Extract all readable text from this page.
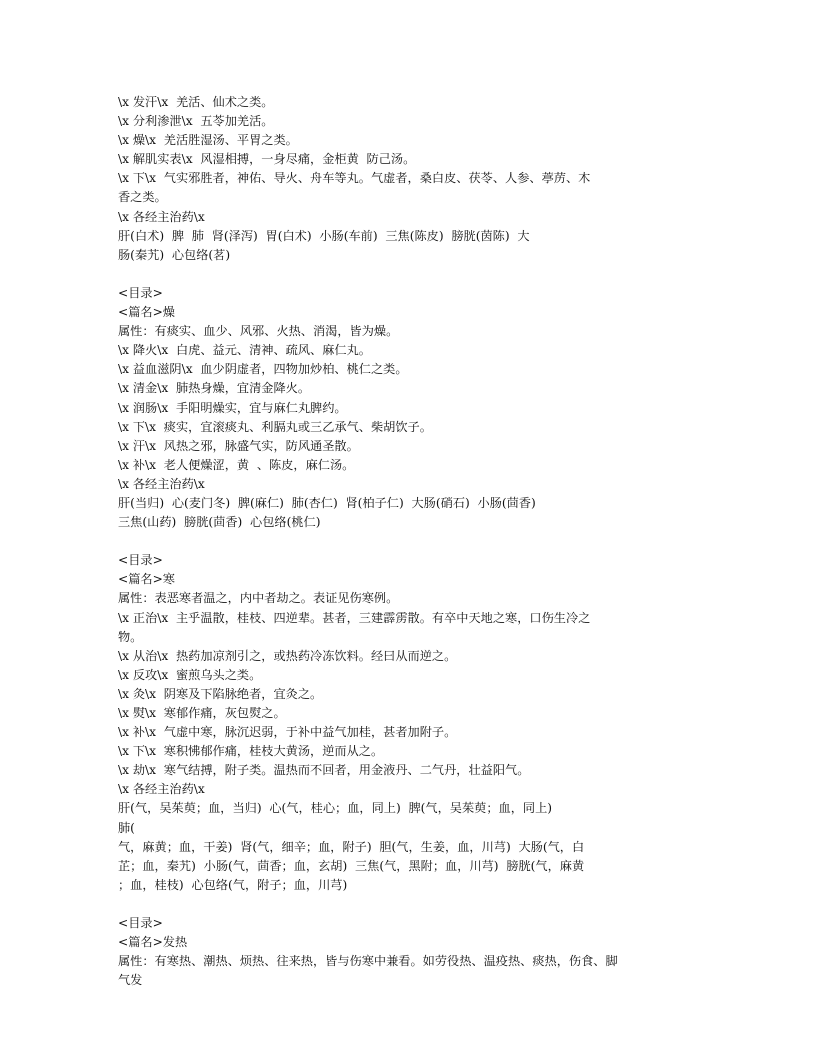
\x 发汗\x  羌活、仙术之类。
\x 分利渗泄\x  五苓加羌活。
\x 燥\x  羌活胜湿汤、平胃之类。
\x 解肌实表\x  风湿相搏，一身尽痛，金柜黄  防己汤。
\x 下\x  气实邪胜者，神佑、导火、舟车等丸。气虚者，桑白皮、茯苓、人参、葶苈、木
香之类。
\x 各经主治药\x
肝(白术)  脾  肺  肾(泽泻)  胃(白术)  小肠(车前)  三焦(陈皮)  膀胱(茵陈)  大
肠(秦艽)  心包络(茗)
<目录>
<篇名>燥
属性：有痰实、血少、风邪、火热、消渴，皆为燥。
\x 降火\x  白虎、益元、清神、疏风、麻仁丸。
\x 益血滋阴\x  血少阴虚者，四物加炒柏、桃仁之类。
\x 清金\x  肺热身燥，宜清金降火。
\x 润肠\x  手阳明燥实，宜与麻仁丸脾约。
\x 下\x  痰实，宜滚痰丸、利膈丸或三乙承气、柴胡饮子。
\x 汗\x  风热之邪，脉盛气实，防风通圣散。
\x 补\x  老人便燥涩，黄  、陈皮，麻仁汤。
\x 各经主治药\x
肝(当归)  心(麦门冬)  脾(麻仁)  肺(杏仁)  肾(柏子仁)  大肠(硝石)  小肠(茴香)
三焦(山药)  膀胱(茴香)  心包络(桃仁)
<目录>
<篇名>寒
属性：表恶寒者温之，内中者劫之。表证见伤寒例。
\x 正治\x  主乎温散，桂枝、四逆辈。甚者，三建霹雳散。有卒中天地之寒，口伤生冷之
物。
\x 从治\x  热药加凉剂引之，或热药冷冻饮料。经曰从而逆之。
\x 反攻\x  蜜煎乌头之类。
\x 灸\x  阴寒及下陷脉绝者，宜灸之。
\x 熨\x  寒郁作痛，灰包熨之。
\x 补\x  气虚中寒，脉沉迟弱，于补中益气加桂，甚者加附子。
\x 下\x  寒积怫郁作痛，桂枝大黄汤，逆而从之。
\x 劫\x  寒气结搏，附子类。温热而不回者，用金液丹、二气丹，壮益阳气。
\x 各经主治药\x
肝(气，吴茱萸；血，当归)  心(气，桂心；血，同上)  脾(气，吴茱萸；血，同上)
肺(
气，麻黄；血，干姜)  肾(气，细辛；血，附子)  胆(气，生姜，血，川芎)  大肠(气，白
芷；血，秦艽)  小肠(气，茴香；血，玄胡)  三焦(气，黑附；血，川芎)  膀胱(气，麻黄
；血，桂枝)  心包络(气，附子；血，川芎)
<目录>
<篇名>发热
属性：有寒热、潮热、烦热、往来热，皆与伤寒中兼看。如劳役热、温疫热、痰热，伤食、脚
气发
